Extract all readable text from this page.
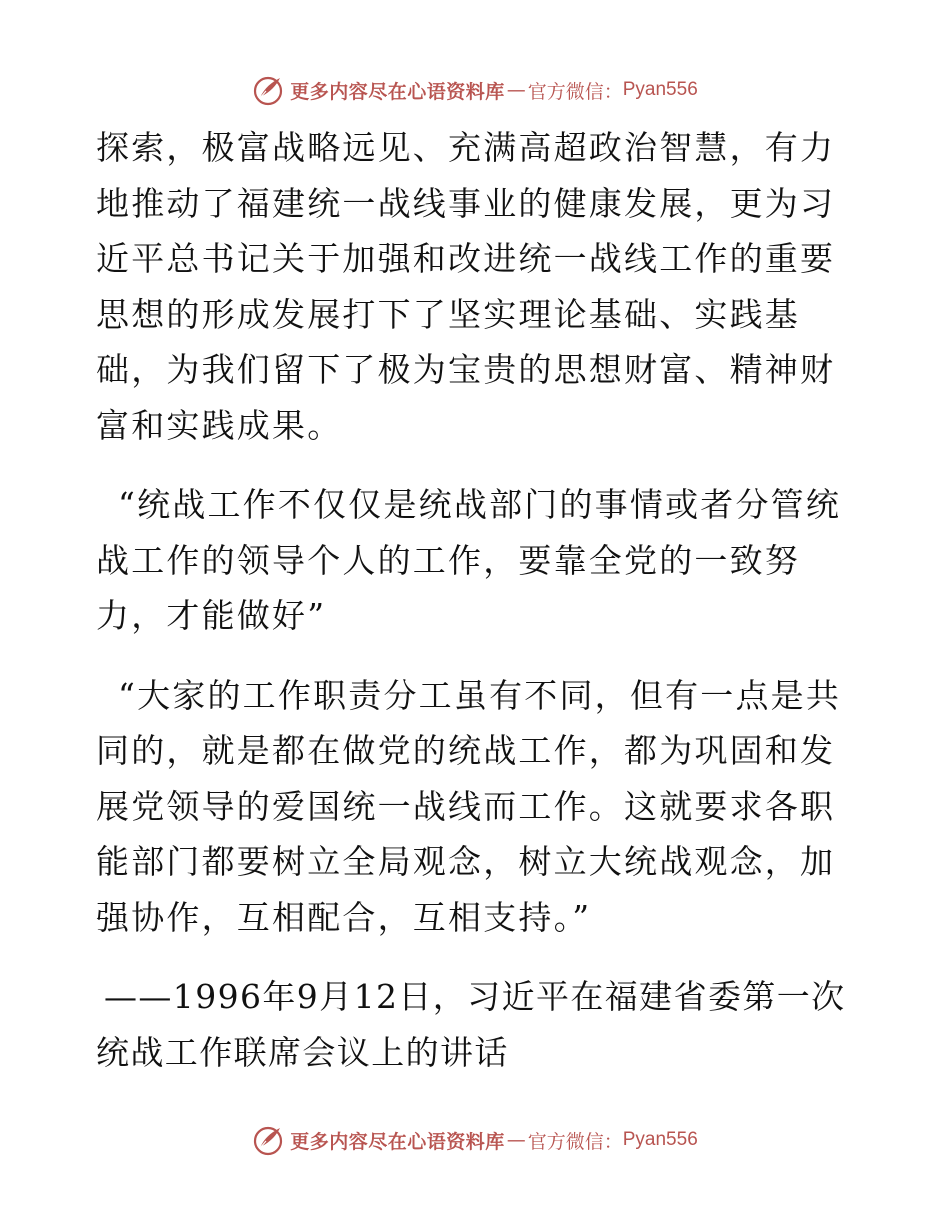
更多内容尽在心语资料库 — 官方微信： Pyan556

探索，极富战略远见、充满高超政治智慧，有力地推动了福建统一战线事业的健康发展，更为习近平总书记关于加强和改进统一战线工作的重要思想的形成发展打下了坚实理论基础、实践基础，为我们留下了极为宝贵的思想财富、精神财富和实践成果。

“统战工作不仅仅是统战部门的事情或者分管统战工作的领导个人的工作，要靠全党的一致努力，才能做好”

“大家的工作职责分工虽有不同，但有一点是共同的，就是都在做党的统战工作，都为巩固和发展党领导的爱国统一战线而工作。这就要求各职能部门都要树立全局观念，树立大统战观念，加强协作，互相配合，互相支持。”

——1996年9月12日，习近平在福建省委第一次统战工作联席会议上的讲话

更多内容尽在心语资料库 — 官方微信： Pyan556
